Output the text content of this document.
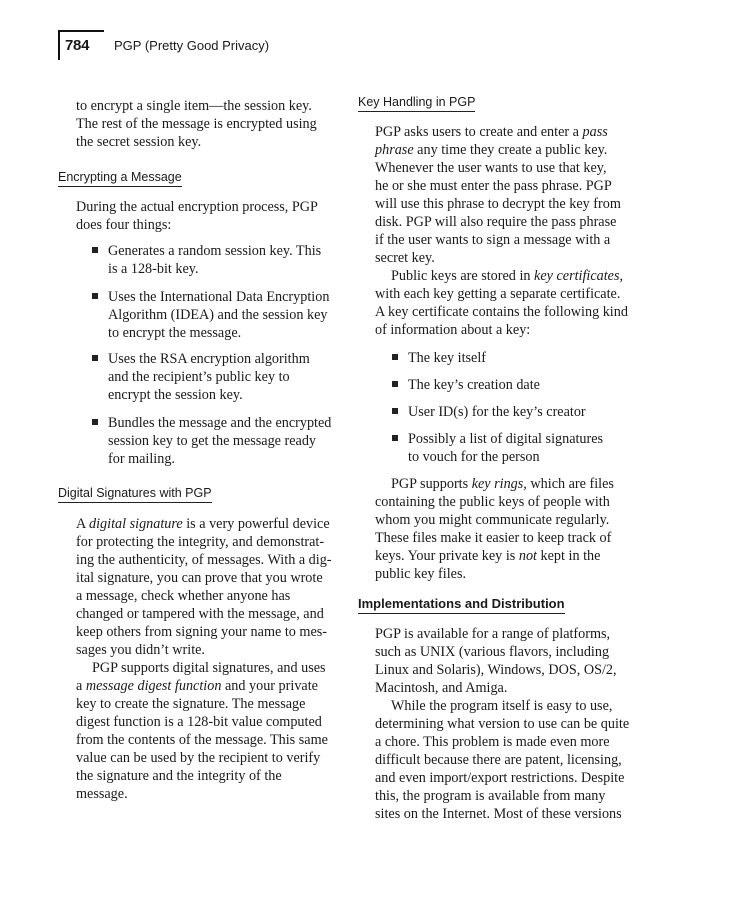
784 PGP (Pretty Good Privacy)
to encrypt a single item—the session key.
The rest of the message is encrypted using
the secret session key.
Encrypting a Message
During the actual encryption process, PGP
does four things:
Generates a random session key. This
is a 128-bit key.
Uses the International Data Encryption
Algorithm (IDEA) and the session key
to encrypt the message.
Uses the RSA encryption algorithm
and the recipient’s public key to
encrypt the session key.
Bundles the message and the encrypted
session key to get the message ready
for mailing.
Digital Signatures with PGP
A digital signature is a very powerful device
for protecting the integrity, and demonstrat-
ing the authenticity, of messages. With a dig-
ital signature, you can prove that you wrote
a message, check whether anyone has
changed or tampered with the message, and
keep others from signing your name to mes-
sages you didn’t write.
PGP supports digital signatures, and uses
a message digest function and your private
key to create the signature. The message
digest function is a 128-bit value computed
from the contents of the message. This same
value can be used by the recipient to verify
the signature and the integrity of the
message.
Key Handling in PGP
PGP asks users to create and enter a pass
phrase any time they create a public key.
Whenever the user wants to use that key,
he or she must enter the pass phrase. PGP
will use this phrase to decrypt the key from
disk. PGP will also require the pass phrase
if the user wants to sign a message with a
secret key.
Public keys are stored in key certificates,
with each key getting a separate certificate.
A key certificate contains the following kind
of information about a key:
The key itself
The key’s creation date
User ID(s) for the key’s creator
Possibly a list of digital signatures
to vouch for the person
PGP supports key rings, which are files
containing the public keys of people with
whom you might communicate regularly.
These files make it easier to keep track of
keys. Your private key is not kept in the
public key files.
Implementations and Distribution
PGP is available for a range of platforms,
such as UNIX (various flavors, including
Linux and Solaris), Windows, DOS, OS/2,
Macintosh, and Amiga.
While the program itself is easy to use,
determining what version to use can be quite
a chore. This problem is made even more
difficult because there are patent, licensing,
and even import/export restrictions. Despite
this, the program is available from many
sites on the Internet. Most of these versions
